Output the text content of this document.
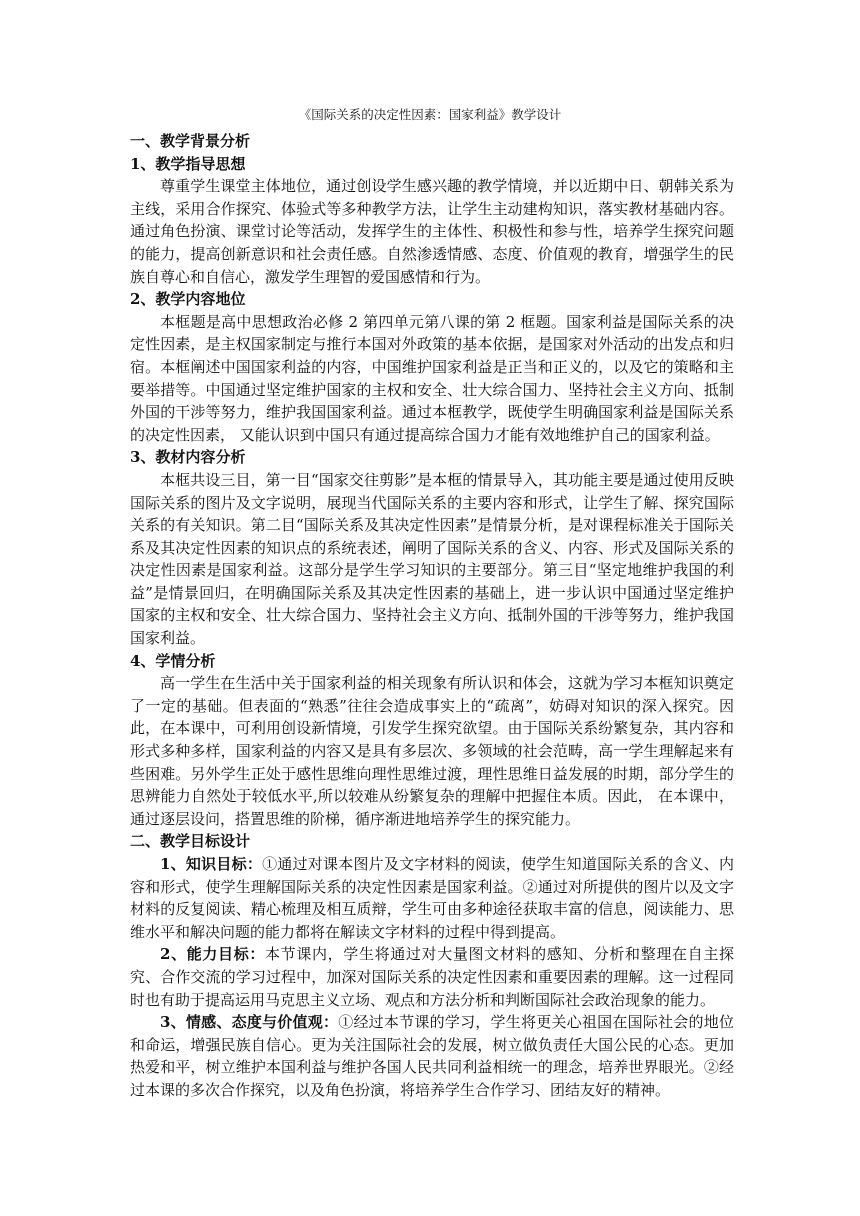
《国际关系的决定性因素：国家利益》教学设计
一、教学背景分析
1、教学指导思想

尊重学生课堂主体地位，通过创设学生感兴趣的教学情境，并以近期中日、朝韩关系为主线，采用合作探究、体验式等多种教学方法，让学生主动建构知识，落实教材基础内容。通过角色扮演、课堂讨论等活动，发挥学生的主体性、积极性和参与性，培养学生探究问题的能力，提高创新意识和社会责任感。自然渗透情感、态度、价值观的教育，增强学生的民族自尊心和自信心，激发学生理智的爱国感情和行为。

2、教学内容地位

本框题是高中思想政治必修 2 第四单元第八课的第 2 框题。国家利益是国际关系的决定性因素，是主权国家制定与推行本国对外政策的基本依据，是国家对外活动的出发点和归宿。本框阐述中国国家利益的内容，中国维护国家利益是正当和正义的，以及它的策略和主要举措等。中国通过坚定维护国家的主权和安全、壮大综合国力、坚持社会主义方向、抵制外国的干涉等努力，维护我国国家利益。通过本框教学，既使学生明确国家利益是国际关系的决定性因素， 又能认识到中国只有通过提高综合国力才能有效地维护自己的国家利益。

3、教材内容分析

本框共设三目，第一目“国家交往剪影”是本框的情景导入，其功能主要是通过使用反映国际关系的图片及文字说明，展现当代国际关系的主要内容和形式，让学生了解、探究国际关系的有关知识。第二目“国际关系及其决定性因素”是情景分析，是对课程标准关于国际关系及其决定性因素的知识点的系统表述，阐明了国际关系的含义、内容、形式及国际关系的决定性因素是国家利益。这部分是学生学习知识的主要部分。第三目“坚定地维护我国的利益”是情景回归，在明确国际关系及其决定性因素的基础上，进一步认识中国通过坚定维护国家的主权和安全、壮大综合国力、坚持社会主义方向、抵制外国的干涉等努力，维护我国国家利益。

4、学情分析

高一学生在生活中关于国家利益的相关现象有所认识和体会，这就为学习本框知识奠定了一定的基础。但表面的“熟悉”往往会造成事实上的“疏离”，妨碍对知识的深入探究。因此，在本课中，可利用创设新情境，引发学生探究欲望。由于国际关系纷繁复杂，其内容和形式多种多样，国家利益的内容又是具有多层次、多领域的社会范畴，高一学生理解起来有些困难。另外学生正处于感性思维向理性思维过渡，理性思维日益发展的时期，部分学生的思辨能力自然处于较低水平,所以较难从纷繁复杂的理解中把握住本质。因此， 在本课中，通过逐层设问，搭置思维的阶梯，循序渐进地培养学生的探究能力。

二、教学目标设计

1、知识目标：①通过对课本图片及文字材料的阅读，使学生知道国际关系的含义、内容和形式，使学生理解国际关系的决定性因素是国家利益。②通过对所提供的图片以及文字材料的反复阅读、精心梳理及相互质辩，学生可由多种途径获取丰富的信息，阅读能力、思维水平和解决问题的能力都将在解读文字材料的过程中得到提高。

2、能力目标：本节课内，学生将通过对大量图文材料的感知、分析和整理在自主探究、合作交流的学习过程中，加深对国际关系的决定性因素和重要因素的理解。这一过程同时也有助于提高运用马克思主义立场、观点和方法分析和判断国际社会政治现象的能力。

3、情感、态度与价值观：①经过本节课的学习，学生将更关心祖国在国际社会的地位和命运，增强民族自信心。更为关注国际社会的发展，树立做负责任大国公民的心态。更加热爱和平，树立维护本国利益与维护各国人民共同利益相统一的理念，培养世界眼光。②经过本课的多次合作探究，以及角色扮演，将培养学生合作学习、团结友好的精神。
